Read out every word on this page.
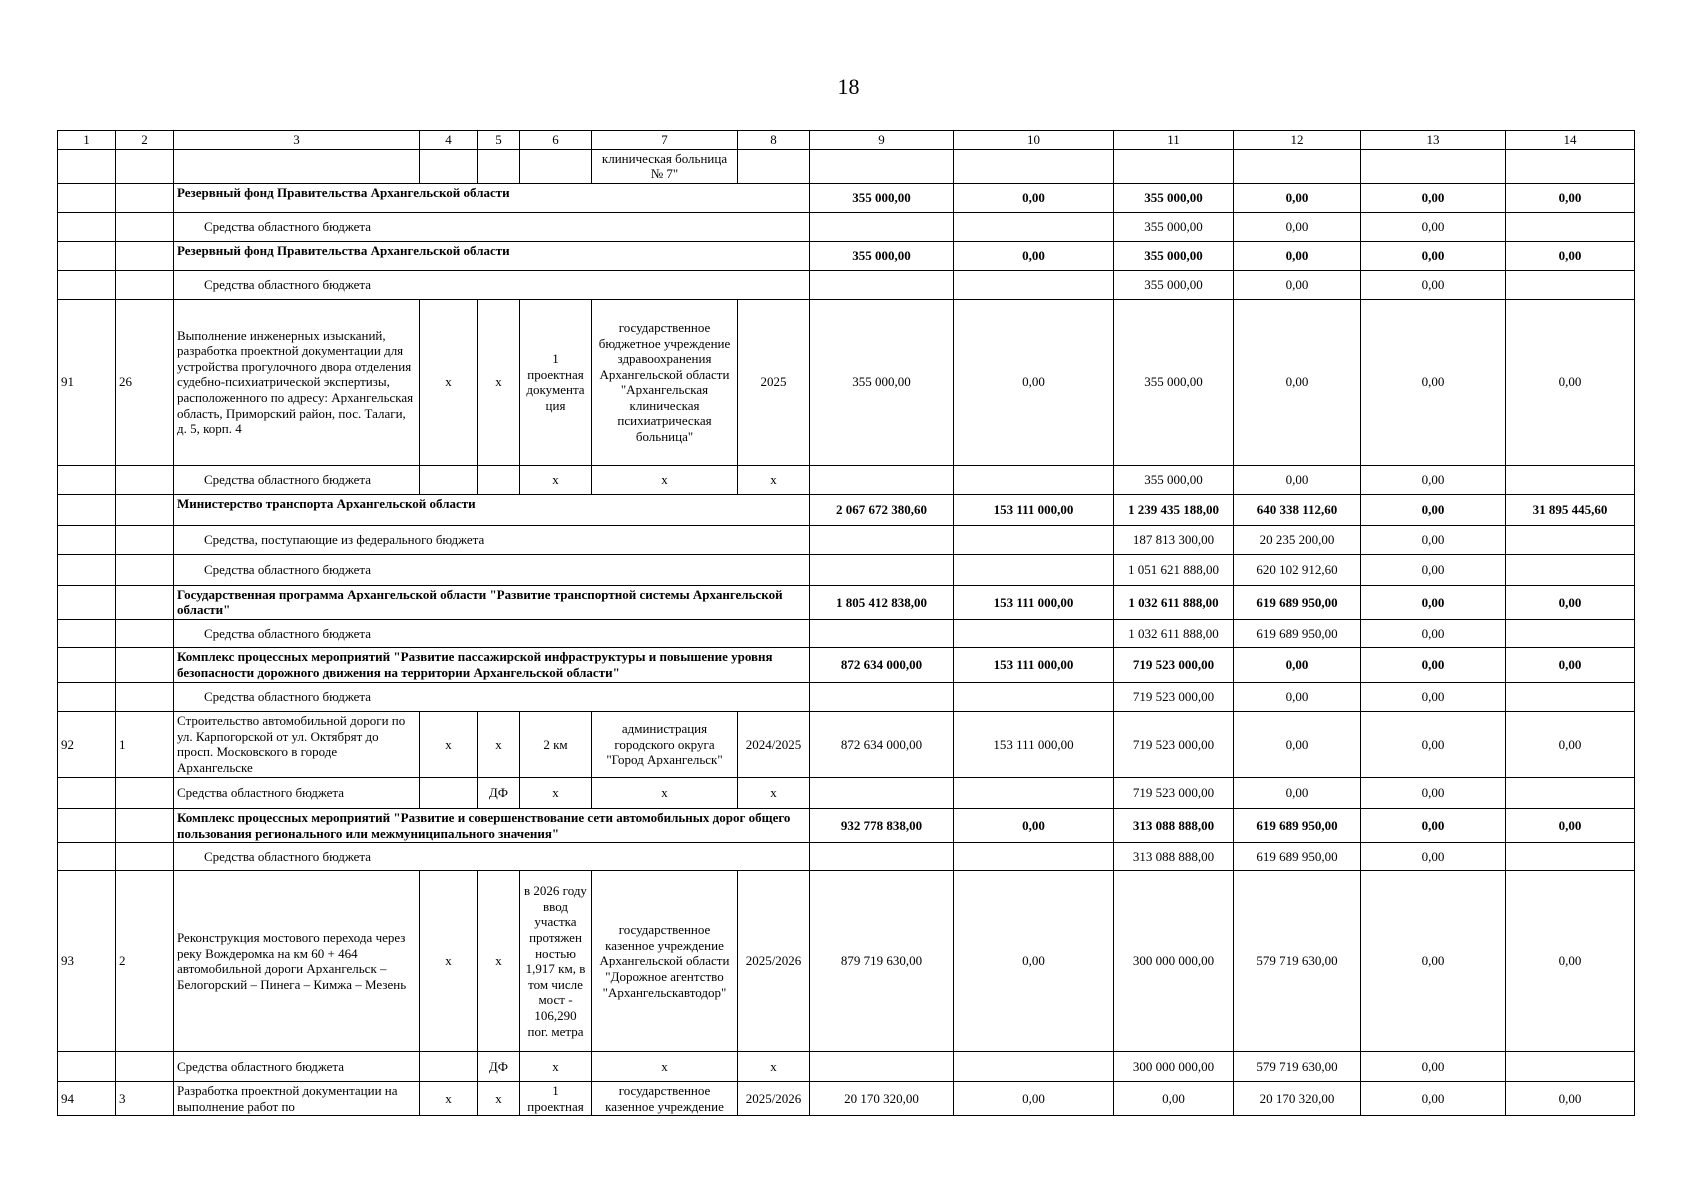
18
1	2	3	4	5	6	7	8	9	10	11	12	13	14
						клиническая больница № 7"							
		Резервный фонд Правительства Архангельской области						355 000,00	0,00	355 000,00	0,00	0,00	0,00
		Средства областного бюджета								355 000,00	0,00	0,00	
		Резервный фонд Правительства Архангельской области						355 000,00	0,00	355 000,00	0,00	0,00	0,00
		Средства областного бюджета								355 000,00	0,00	0,00	
91	26	Выполнение инженерных изысканий, разработка проектной документации для устройства прогулочного двора отделения судебно-психиатрической экспертизы, расположенного по адресу: Архангельская область, Приморский район, пос. Талаги, д. 5, корп. 4	х	х	1 проектная документа ция	государственное бюджетное учреждение здравоохранения Архангельской области "Архангельская клиническая психиатрическая больница"	2025	355 000,00	0,00	355 000,00	0,00	0,00	0,00
		Средства областного бюджета			х	х	х			355 000,00	0,00	0,00	
		Министерство транспорта Архангельской области						2 067 672 380,60	153 111 000,00	1 239 435 188,00	640 338 112,60	0,00	31 895 445,60
		Средства, поступающие из федерального бюджета								187 813 300,00	20 235 200,00	0,00	
		Средства областного бюджета								1 051 621 888,00	620 102 912,60	0,00	
		Государственная программа Архангельской области "Развитие транспортной системы Архангельской области"						1 805 412 838,00	153 111 000,00	1 032 611 888,00	619 689 950,00	0,00	0,00
		Средства областного бюджета								1 032 611 888,00	619 689 950,00	0,00	
		Комплекс процессных мероприятий "Развитие пассажирской инфраструктуры и повышение уровня безопасности дорожного движения на территории Архангельской области"						872 634 000,00	153 111 000,00	719 523 000,00	0,00	0,00	0,00
		Средства областного бюджета								719 523 000,00	0,00	0,00	
92	1	Строительство автомобильной дороги по ул. Карпогорской от ул. Октябрят до просп. Московского в городе Архангельске	х	х	2 км	администрация городского округа "Город Архангельск"	2024/2025	872 634 000,00	153 111 000,00	719 523 000,00	0,00	0,00	0,00
		Средства областного бюджета		ДФ	х	х	х			719 523 000,00	0,00	0,00	
		Комплекс процессных мероприятий "Развитие и совершенствование сети автомобильных дорог общего пользования регионального или межмуниципального значения"						932 778 838,00	0,00	313 088 888,00	619 689 950,00	0,00	0,00
		Средства областного бюджета								313 088 888,00	619 689 950,00	0,00	
93	2	Реконструкция мостового перехода через реку Вождеромка на км 60 + 464 автомобильной дороги Архангельск – Белогорский – Пинега – Кимжа – Мезень	х	х	в 2026 году ввод участка протяжен ностью 1,917 км, в том числе мост - 106,290 пог. метра	государственное казенное учреждение Архангельской области "Дорожное агентство "Архангельскавтодор"	2025/2026	879 719 630,00	0,00	300 000 000,00	579 719 630,00	0,00	0,00
		Средства областного бюджета		ДФ	х	х	х			300 000 000,00	579 719 630,00	0,00	
94	3	Разработка проектной документации на выполнение работ по	х	х	1 проектная	государственное казенное учреждение	2025/2026	20 170 320,00	0,00	0,00	20 170 320,00	0,00	0,00
